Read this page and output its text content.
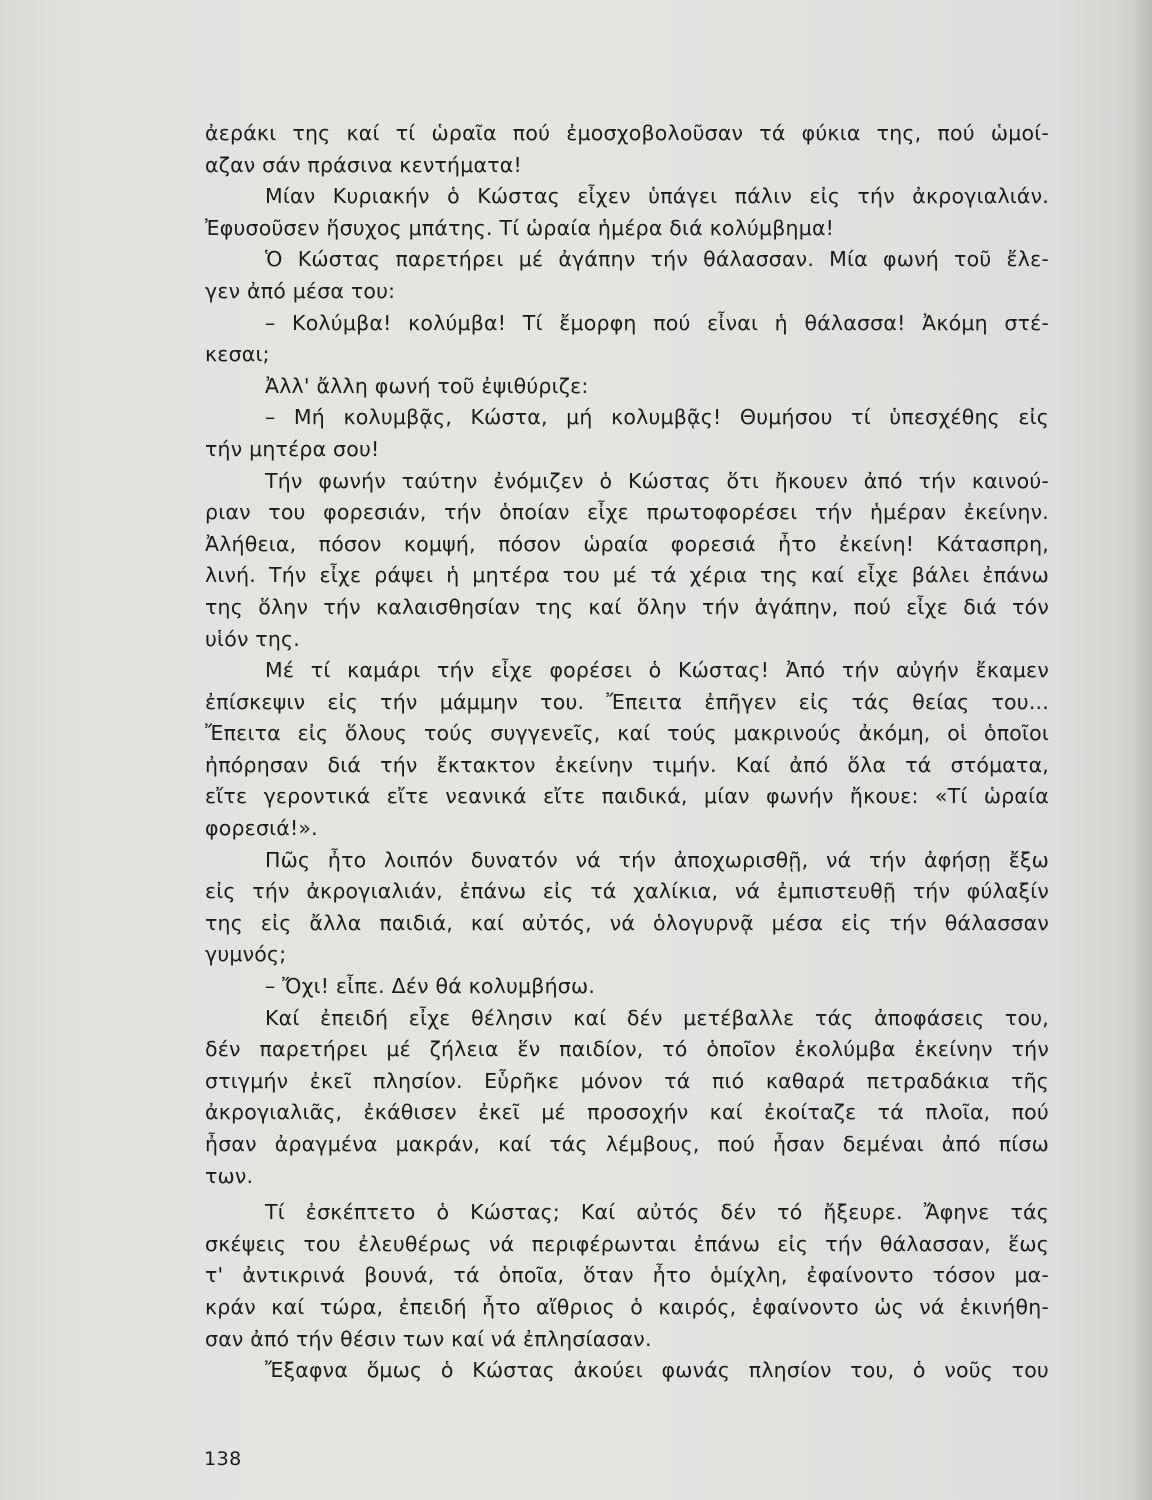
ἀεράκι της καί τί ὡραῖα πού ἐμοσχοβολοῦσαν τά φύκια της, πού ὡμοί-
αζαν σάν πράσινα κεντήματα!
Μίαν Κυριακήν ὁ Κώστας εἶχεν ὑπάγει πάλιν εἰς τήν ἀκρογιαλιάν.
Ἐφυσοῦσεν ἥσυχος μπάτης. Τί ὡραία ἡμέρα διά κολύμβημα!
Ὁ Κώστας παρετήρει μέ ἀγάπην τήν θάλασσαν. Μία φωνή τοῦ ἔλε-
γεν ἀπό μέσα του:
– Κολύμβα! κολύμβα! Τί ἔμορφη πού εἶναι ἡ θάλασσα! Ἀκόμη στέ-
κεσαι;
Ἀλλ' ἄλλη φωνή τοῦ ἐψιθύριζε:
– Μή κολυμβᾷς, Κώστα, μή κολυμβᾷς! Θυμήσου τί ὑπεσχέθης εἰς
τήν μητέρα σου!
Τήν φωνήν ταύτην ἐνόμιζεν ὁ Κώστας ὅτι ἤκουεν ἀπό τήν καινού-
ριαν του φορεσιάν, τήν ὁποίαν εἶχε πρωτοφορέσει τήν ἡμέραν ἐκείνην.
Ἀλήθεια, πόσον κομψή, πόσον ὡραία φορεσιά ἦτο ἐκείνη! Κάτασπρη,
λινή. Τήν εἶχε ράψει ἡ μητέρα του μέ τά χέρια της καί εἶχε βάλει ἐπάνω
της ὅλην τήν καλαισθησίαν της καί ὅλην τήν ἀγάπην, πού εἶχε διά τόν
υἱόν της.
Μέ τί καμάρι τήν εἶχε φορέσει ὁ Κώστας! Ἀπό τήν αὐγήν ἔκαμεν
ἐπίσκεψιν εἰς τήν μάμμην του. Ἔπειτα ἐπῆγεν εἰς τάς θείας του...
Ἔπειτα εἰς ὅλους τούς συγγενεῖς, καί τούς μακρινούς ἀκόμη, οἱ ὁποῖοι
ἠπόρησαν διά τήν ἔκτακτον ἐκείνην τιμήν. Καί ἀπό ὅλα τά στόματα,
εἴτε γεροντικά εἴτε νεανικά εἴτε παιδικά, μίαν φωνήν ἤκουε: «Τί ὡραία
φορεσιά!».
Πῶς ἦτο λοιπόν δυνατόν νά τήν ἀποχωρισθῇ, νά τήν ἀφήσῃ ἔξω
εἰς τήν ἀκρογιαλιάν, ἐπάνω εἰς τά χαλίκια, νά ἐμπιστευθῇ τήν φύλαξίν
της εἰς ἄλλα παιδιά, καί αὐτός, νά ὁλογυρνᾷ μέσα εἰς τήν θάλασσαν
γυμνός;
– Ὄχι! εἶπε. Δέν θά κολυμβήσω.
Καί ἐπειδή εἶχε θέλησιν καί δέν μετέβαλλε τάς ἀποφάσεις του,
δέν παρετήρει μέ ζήλεια ἕν παιδίον, τό ὁποῖον ἐκολύμβα ἐκείνην τήν
στιγμήν ἐκεῖ πλησίον. Εὗρῆκε μόνον τά πιό καθαρά πετραδάκια τῆς
ἀκρογιαλιᾶς, ἐκάθισεν ἐκεῖ μέ προσοχήν καί ἐκοίταζε τά πλοῖα, πού
ἦσαν ἀραγμένα μακράν, καί τάς λέμβους, πού ἦσαν δεμέναι ἀπό πίσω
των.
Τί ἐσκέπτετο ὁ Κώστας; Καί αὐτός δέν τό ἤξευρε. Ἄφηνε τάς
σκέψεις του ἐλευθέρως νά περιφέρωνται ἐπάνω εἰς τήν θάλασσαν, ἕως
τ' ἀντικρινά βουνά, τά ὁποῖα, ὅταν ἦτο ὁμίχλη, ἐφαίνοντο τόσον μα-
κράν καί τώρα, ἐπειδή ἦτο αἴθριος ὁ καιρός, ἐφαίνοντο ὡς νά ἐκινήθη-
σαν ἀπό τήν θέσιν των καί νά ἐπλησίασαν.
Ἔξαφνα ὅμως ὁ Κώστας ἀκούει φωνάς πλησίον του, ὁ νοῦς του
138
